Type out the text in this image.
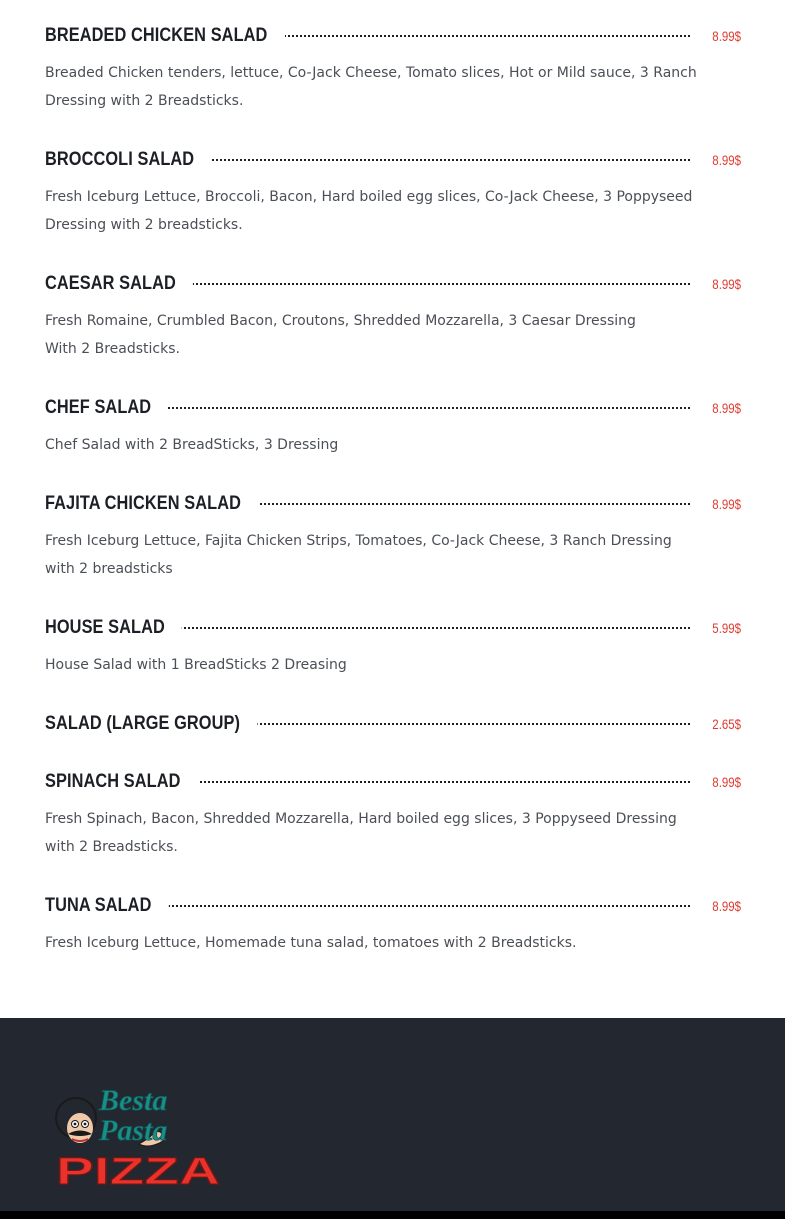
BREADED CHICKEN SALAD	8.99$
Breaded Chicken tenders, lettuce, Co-Jack Cheese, Tomato slices, Hot or Mild sauce, 3 Ranch Dressing with 2 Breadsticks.
BROCCOLI SALAD	8.99$
Fresh Iceburg Lettuce, Broccoli, Bacon, Hard boiled egg slices, Co-Jack Cheese, 3 Poppyseed Dressing with 2 breadsticks.
CAESAR SALAD	8.99$
Fresh Romaine, Crumbled Bacon, Croutons, Shredded Mozzarella, 3 Caesar Dressing
With 2 Breadsticks.
CHEF SALAD	8.99$
Chef Salad with 2 BreadSticks, 3 Dressing
FAJITA CHICKEN SALAD	8.99$
Fresh Iceburg Lettuce, Fajita Chicken Strips, Tomatoes, Co-Jack Cheese, 3 Ranch Dressing
with 2 breadsticks
HOUSE SALAD	5.99$
House Salad with 1 BreadSticks 2 Dreasing
SALAD (LARGE GROUP)	2.65$
SPINACH SALAD	8.99$
Fresh Spinach, Bacon, Shredded Mozzarella, Hard boiled egg slices, 3 Poppyseed Dressing
with 2 Breadsticks.
TUNA SALAD	8.99$
Fresh Iceburg Lettuce, Homemade tuna salad, tomatoes with 2 Breadsticks.
Besta
Pasta
PIZZA
